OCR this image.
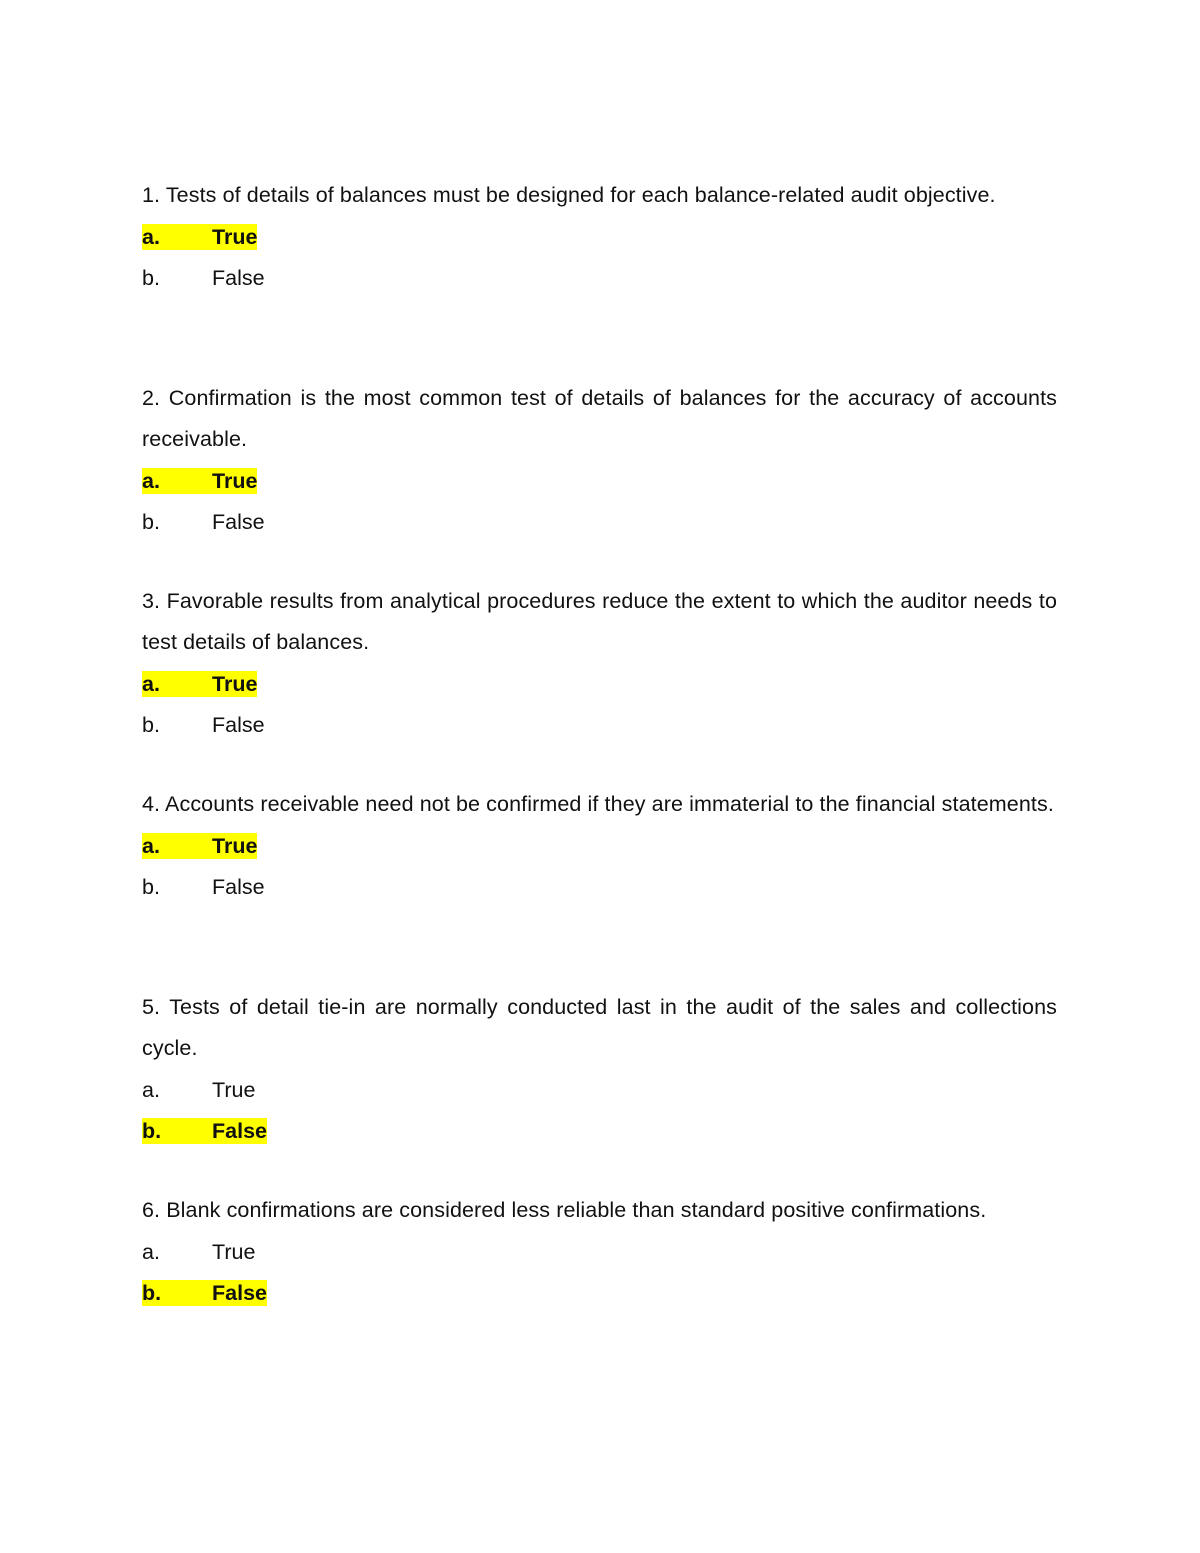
1. Tests of details of balances must be designed for each balance-related audit objective.

a.	True
b.	False

2. Confirmation is the most common test of details of balances for the accuracy of accounts receivable.

a.	True
b.	False

3. Favorable results from analytical procedures reduce the extent to which the auditor needs to test details of balances.

a.	True
b.	False

4. Accounts receivable need not be confirmed if they are immaterial to the financial statements.

a.	True
b.	False

5. Tests of detail tie-in are normally conducted last in the audit of the sales and collections cycle.

a.	True
b.	False

6. Blank confirmations are considered less reliable than standard positive confirmations.

a.	True
b.	False
